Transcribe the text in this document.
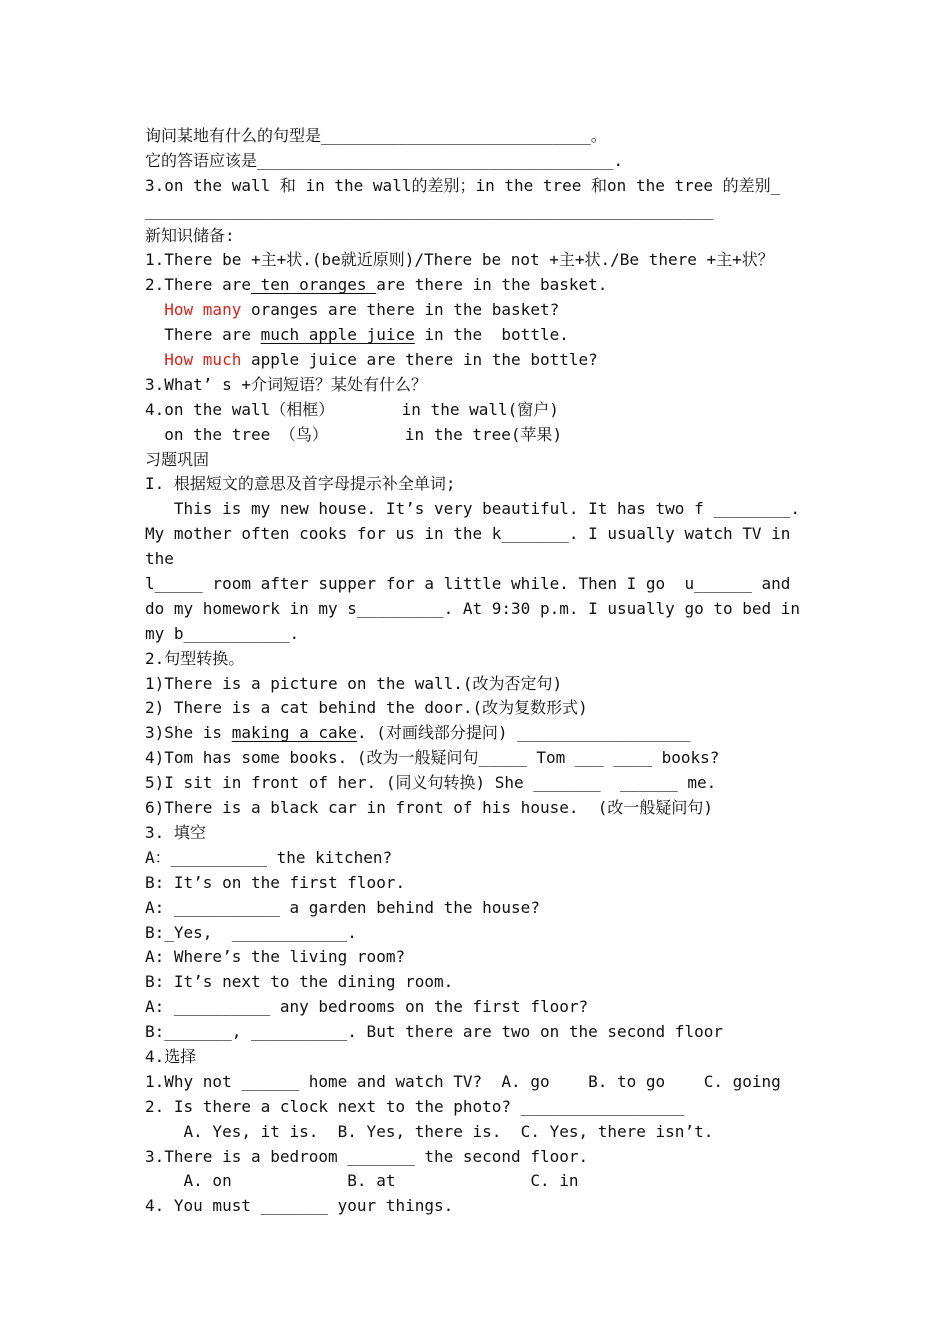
询问某地有什么的句型是____________________________。
它的答语应该是_____________________________________.
3.on the wall 和 in the wall的差别；in the tree 和on the tree 的差别_
___________________________________________________________
新知识储备:
1.There be +主+状.(be就近原则)/There be not +主+状./Be there +主+状？
2.There are ten oranges are there in the basket.
How many oranges are there in the basket?
There are much apple juice in the  bottle.
How much apple juice are there in the bottle?
3.What’ s +介词短语？某处有什么？
4.on the wall（相框）       in the wall(窗户)
on the tree （鸟）        in the tree(苹果)
习题巩固
I. 根据短文的意思及首字母提示补全单词;
This is my new house. It’s very beautiful. It has two f ________.
My mother often cooks for us in the k_______. I usually watch TV in
the
l_____ room after supper for a little while. Then I go  u______ and
do my homework in my s_________. At 9:30 p.m. I usually go to bed in
my b___________.
2.句型转换。
1)There is a picture on the wall.(改为否定句)
2) There is a cat behind the door.(改为复数形式)
3)She is making a cake. (对画线部分提问) __________________
4)Tom has some books. (改为一般疑问句_____ Tom ___ ____ books?
5)I sit in front of her. (同义句转换) She _______  ______ me.
6)There is a black car in front of his house.  (改一般疑问句)
3. 填空
A：__________ the kitchen?
B: It’s on the first floor.
A: ___________ a garden behind the house?
B:_Yes,  ____________.
A: Where’s the living room?
B: It’s next to the dining room.
A: __________ any bedrooms on the first floor?
B:_______, __________. But there are two on the second floor
4.选择
1.Why not ______ home and watch TV?  A. go    B. to go    C. going
2. Is there a clock next to the photo? _________________
A. Yes, it is.  B. Yes, there is.  C. Yes, there isn’t.
3.There is a bedroom _______ the second floor.
A. on            B. at              C. in
4. You must _______ your things.
